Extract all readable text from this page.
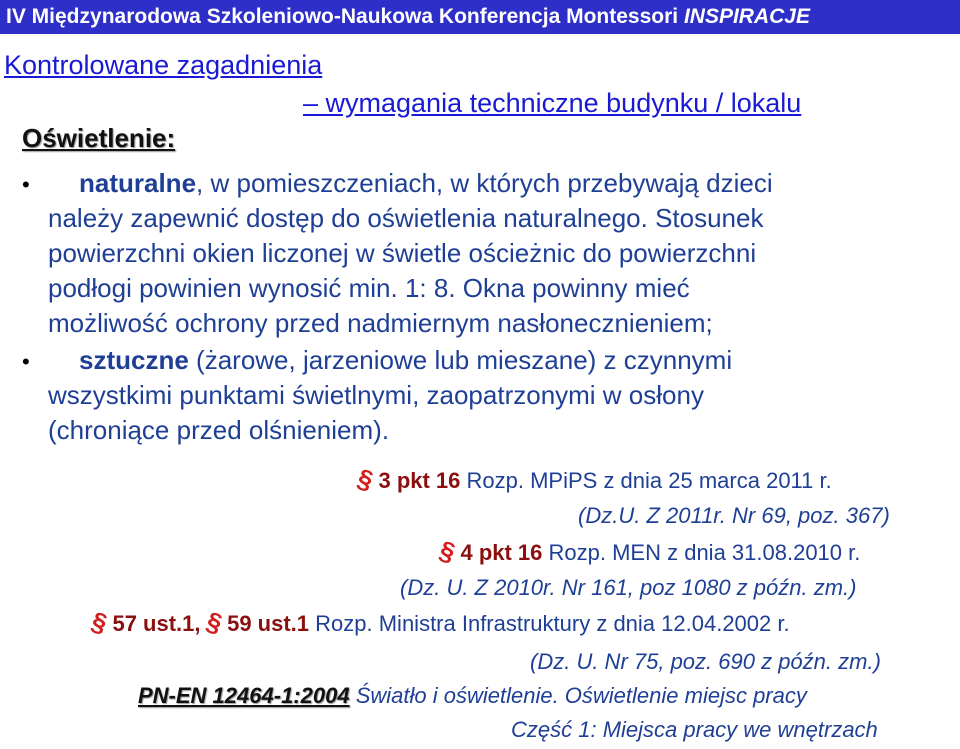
IV Międzynarodowa Szkoleniowo-Naukowa Konferencja Montessori INSPIRACJE
Kontrolowane zagadnienia
– wymagania techniczne budynku / lokalu
Oświetlenie:
• naturalne, w pomieszczeniach, w których przebywają dzieci
należy zapewnić dostęp do oświetlenia naturalnego. Stosunek
powierzchni okien liczonej w świetle ościeżnic do powierzchni
podłogi powinien wynosić min. 1: 8. Okna powinny mieć
możliwość ochrony przed nadmiernym nasłonecznieniem;
• sztuczne (żarowe, jarzeniowe lub mieszane) z czynnymi
wszystkimi punktami świetlnymi, zaopatrzonymi w osłony
(chroniące przed olśnieniem).
§3 pkt 16 Rozp. MPiPS z dnia 25 marca 2011 r.
(Dz.U. Z 2011r. Nr 69, poz. 367)
§4 pkt 16 Rozp. MEN z dnia 31.08.2010 r.
(Dz. U. Z 2010r. Nr 161, poz 1080 z późn. zm.)
§57 ust.1, §59 ust.1 Rozp. Ministra Infrastruktury z dnia 12.04.2002 r.
(Dz. U. Nr 75, poz. 690 z późn. zm.)
PN-EN 12464-1:2004 Światło i oświetlenie. Oświetlenie miejsc pracy
Część 1: Miejsca pracy we wnętrzach
